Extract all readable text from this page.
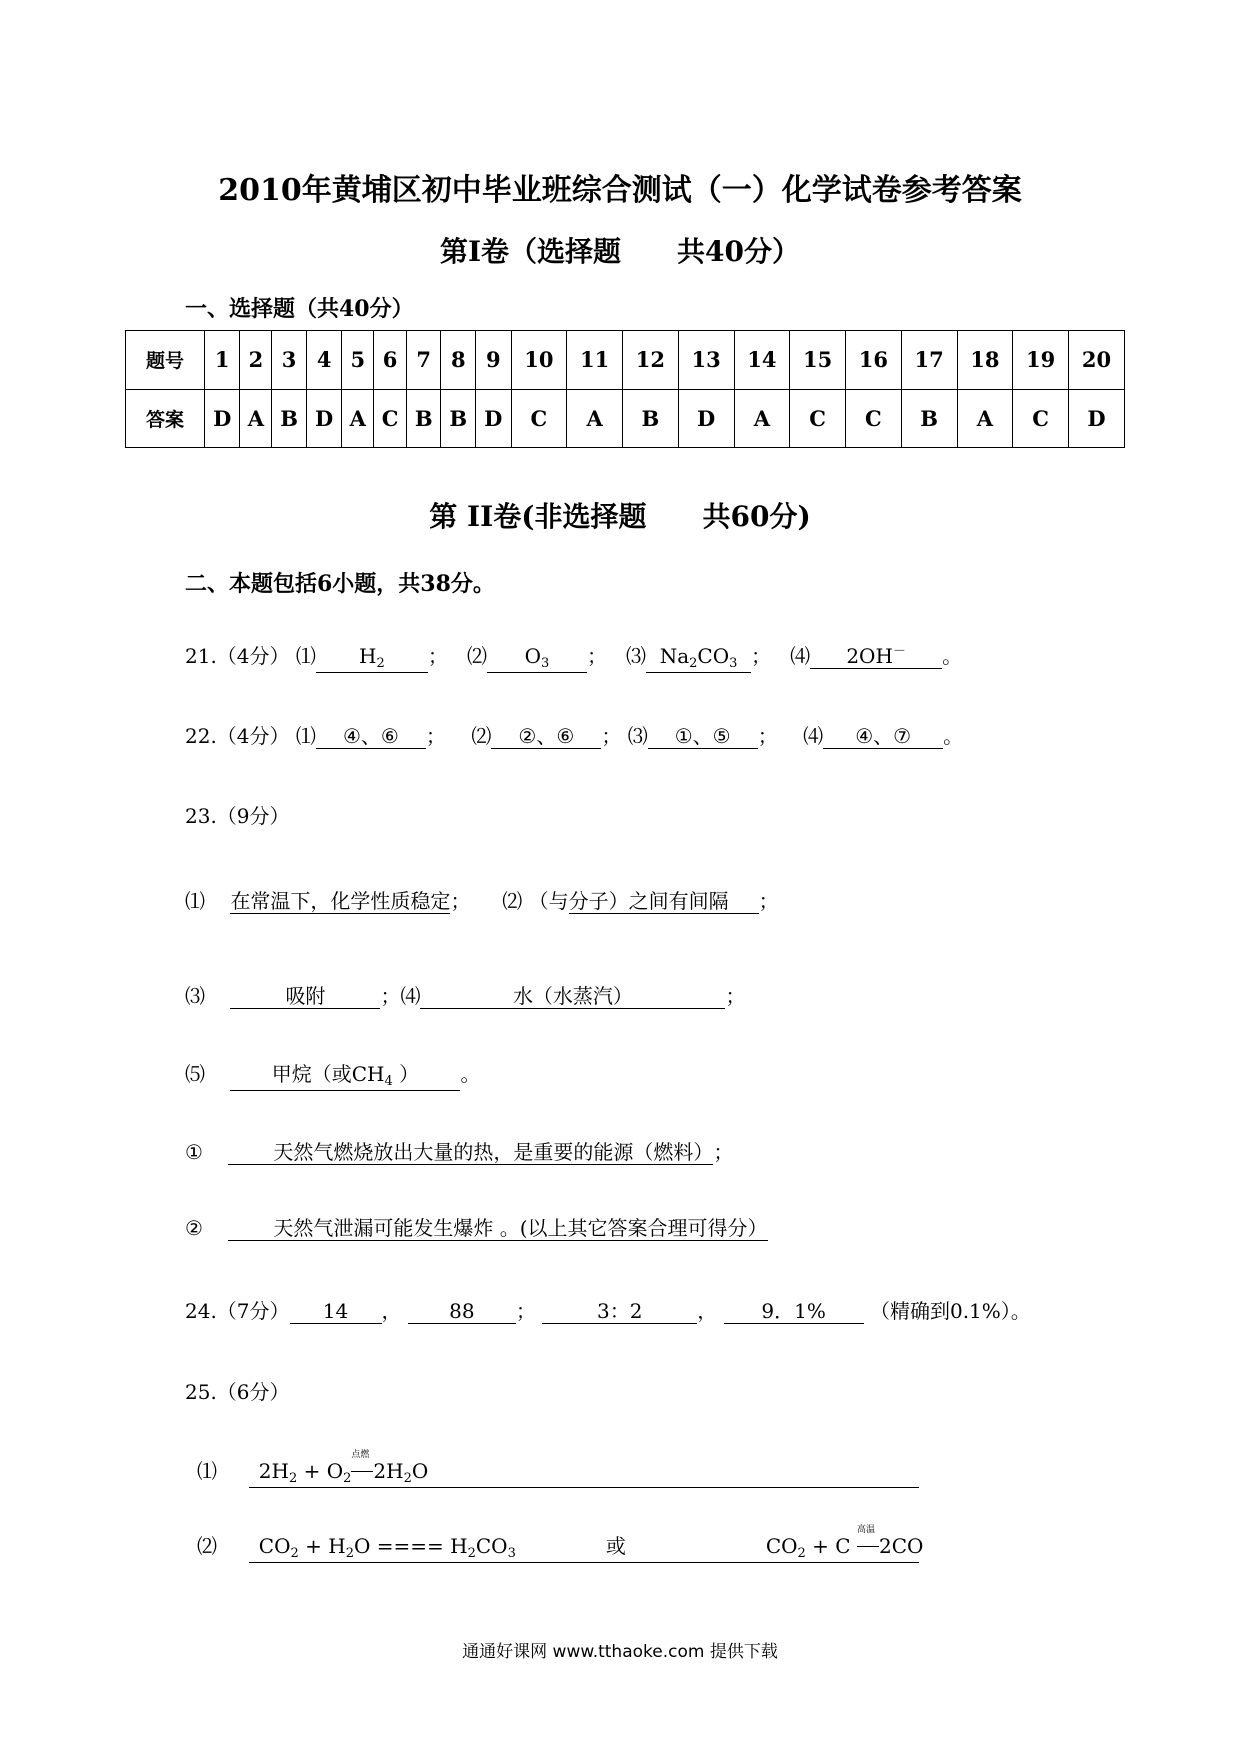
2010年黄埔区初中毕业班综合测试（一）化学试卷参考答案
第Ⅰ卷（选择题　　共40分）
一、选择题（共40分）
题号	1	2	3	4	5	6	7	8	9	10	11	12	13	14	15	16	17	18	19	20
答案	D	A	B	D	A	C	B	B	D	C	A	B	D	A	C	C	B	A	C	D
第 II卷(非选择题　　共60分)
二、本题包括6小题，共38分。
21.（4分） ⑴ $H_2$ ； ⑵ $O_3$ ； ⑶ $Na_2CO_3$ ； ⑷ 2OH－ 。
22.（4分） ⑴ ④、⑥ ； ⑵ ②、⑥ ； ⑶ ①、⑤ ； ⑷ ④、⑦ 。
23.（9分）
⑴ 在常温下，化学性质稳定； ⑵ （与分子）之间有间隔 ；
⑶	吸附	；⑷	水（水蒸汽）	；
⑸	甲烷（或$CH_4$ ） 。
①	天然气燃烧放出大量的热，是重要的能源（燃料）；
②	天然气泄漏可能发生爆炸 。(以上其它答案合理可得分）
24.（7分） 14 ， 88 ；	3：2	， 9．1% （精确到0.1%）。
25.（6分）
⑴ $2H_2 + O_2$
点燃
$2H_2O$
⑵ $CO_2 + H_2O$ ==== $H_2CO_3$	或	$CO_2 + C$
高温
2CO
通通好课网 www.tthaoke.com 提供下载
